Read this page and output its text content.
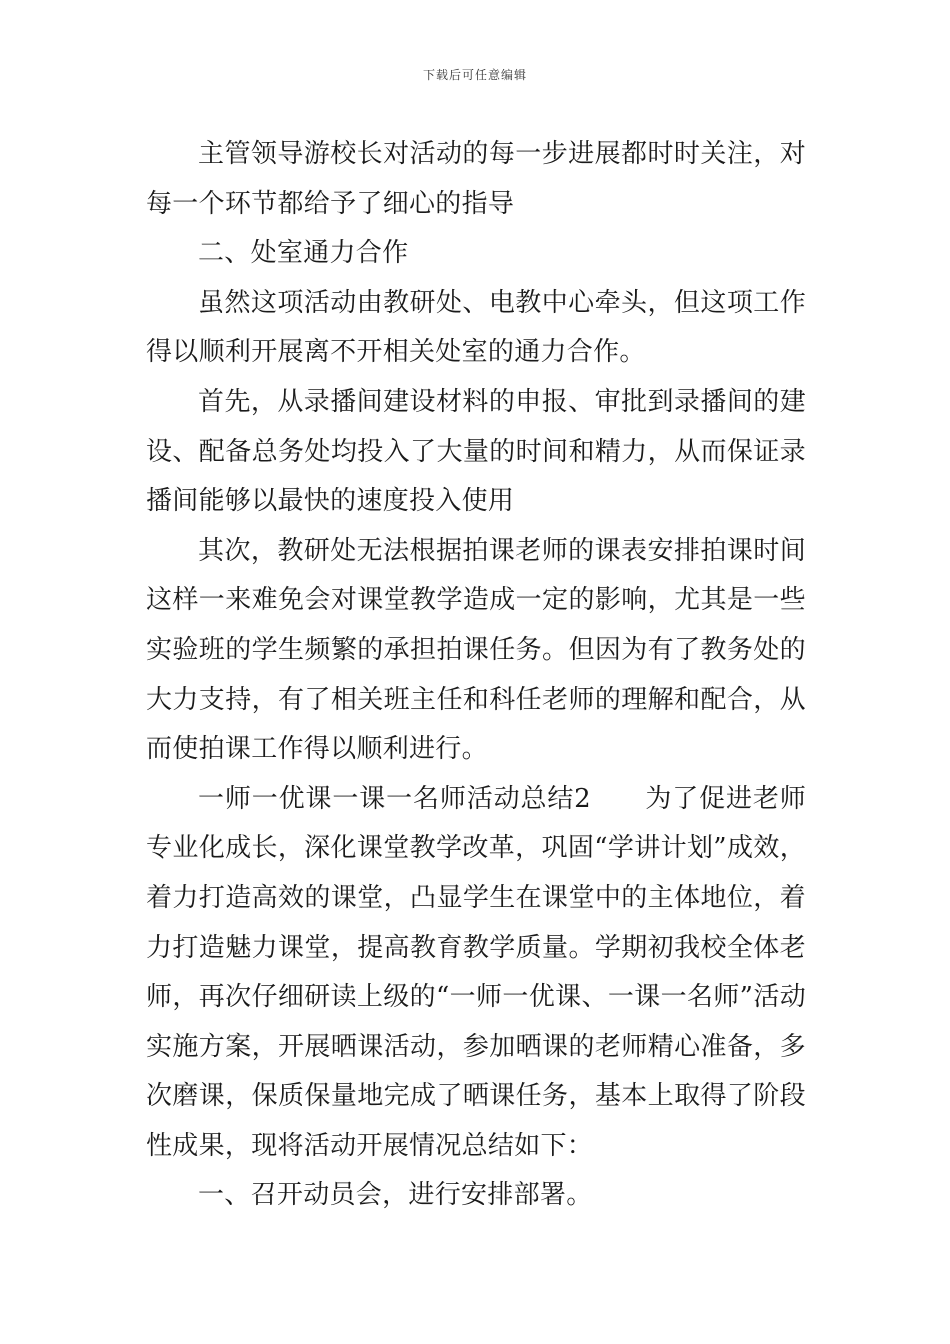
下载后可任意编辑

主管领导游校长对活动的每一步进展都时时关注，对每一个环节都给予了细心的指导

二、处室通力合作

虽然这项活动由教研处、电教中心牵头，但这项工作得以顺利开展离不开相关处室的通力合作。

首先，从录播间建设材料的申报、审批到录播间的建设、配备总务处均投入了大量的时间和精力，从而保证录播间能够以最快的速度投入使用

其次，教研处无法根据拍课老师的课表安排拍课时间这样一来难免会对课堂教学造成一定的影响，尤其是一些实验班的学生频繁的承担拍课任务。但因为有了教务处的大力支持，有了相关班主任和科任老师的理解和配合，从而使拍课工作得以顺利进行。

一师一优课一课一名师活动总结2　　为了促进老师专业化成长，深化课堂教学改革，巩固“学讲计划”成效，着力打造高效的课堂，凸显学生在课堂中的主体地位，着力打造魅力课堂，提高教育教学质量。学期初我校全体老师，再次仔细研读上级的“一师一优课、一课一名师”活动实施方案，开展晒课活动，参加晒课的老师精心准备，多次磨课，保质保量地完成了晒课任务，基本上取得了阶段性成果，现将活动开展情况总结如下：

一、召开动员会，进行安排部署。
